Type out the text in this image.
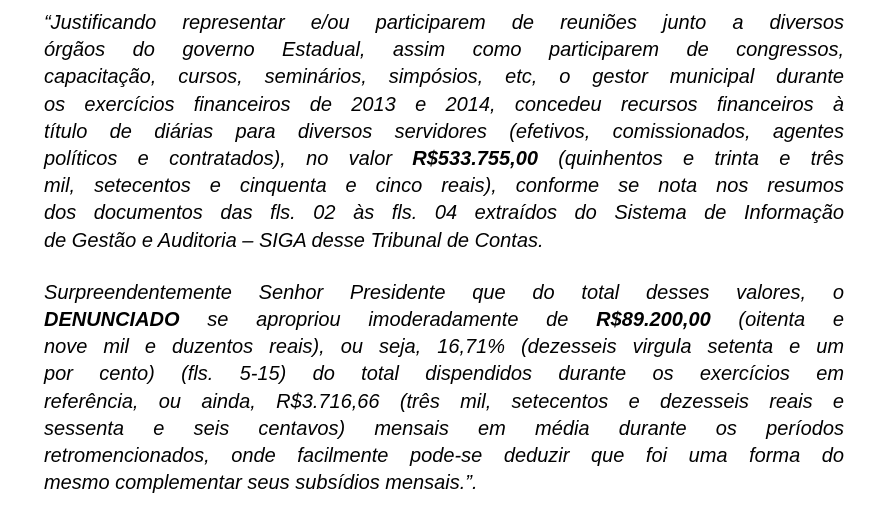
“Justificando representar e/ou participarem de reuniões junto a diversos
órgãos do governo Estadual, assim como participarem de congressos,
capacitação, cursos, seminários, simpósios, etc, o gestor municipal durante
os exercícios financeiros de 2013 e 2014, concedeu recursos financeiros à
título de diárias para diversos servidores (efetivos, comissionados, agentes
políticos e contratados), no valor R$533.755,00 (quinhentos e trinta e três
mil, setecentos e cinquenta e cinco reais), conforme se nota nos resumos
dos documentos das fls. 02 às fls. 04 extraídos do Sistema de Informação
de Gestão e Auditoria – SIGA desse Tribunal de Contas.

Surpreendentemente Senhor Presidente que do total desses valores, o
DENUNCIADO se apropriou imoderadamente de R$89.200,00 (oitenta e
nove mil e duzentos reais), ou seja, 16,71% (dezesseis virgula setenta e um
por cento) (fls. 5-15) do total dispendidos durante os exercícios em
referência, ou ainda, R$3.716,66 (três mil, setecentos e dezesseis reais e
sessenta e seis centavos) mensais em média durante os períodos
retromencionados, onde facilmente pode-se deduzir que foi uma forma do
mesmo complementar seus subsídios mensais.”.
